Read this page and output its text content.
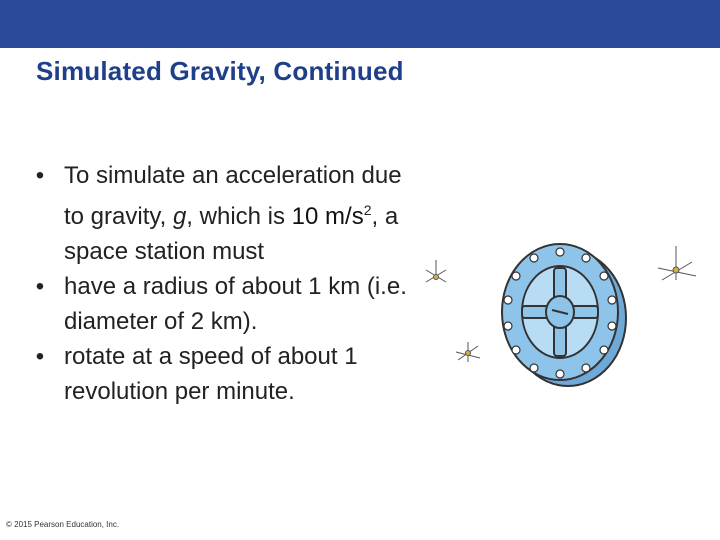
Simulated Gravity, Continued
• To simulate an acceleration due to gravity, g, which is 10 $m/s^2$, a space station must
• have a radius of about 1 km (i.e. diameter of 2 km).
• rotate at a speed of about 1 revolution per minute.
© 2015 Pearson Education, Inc.
